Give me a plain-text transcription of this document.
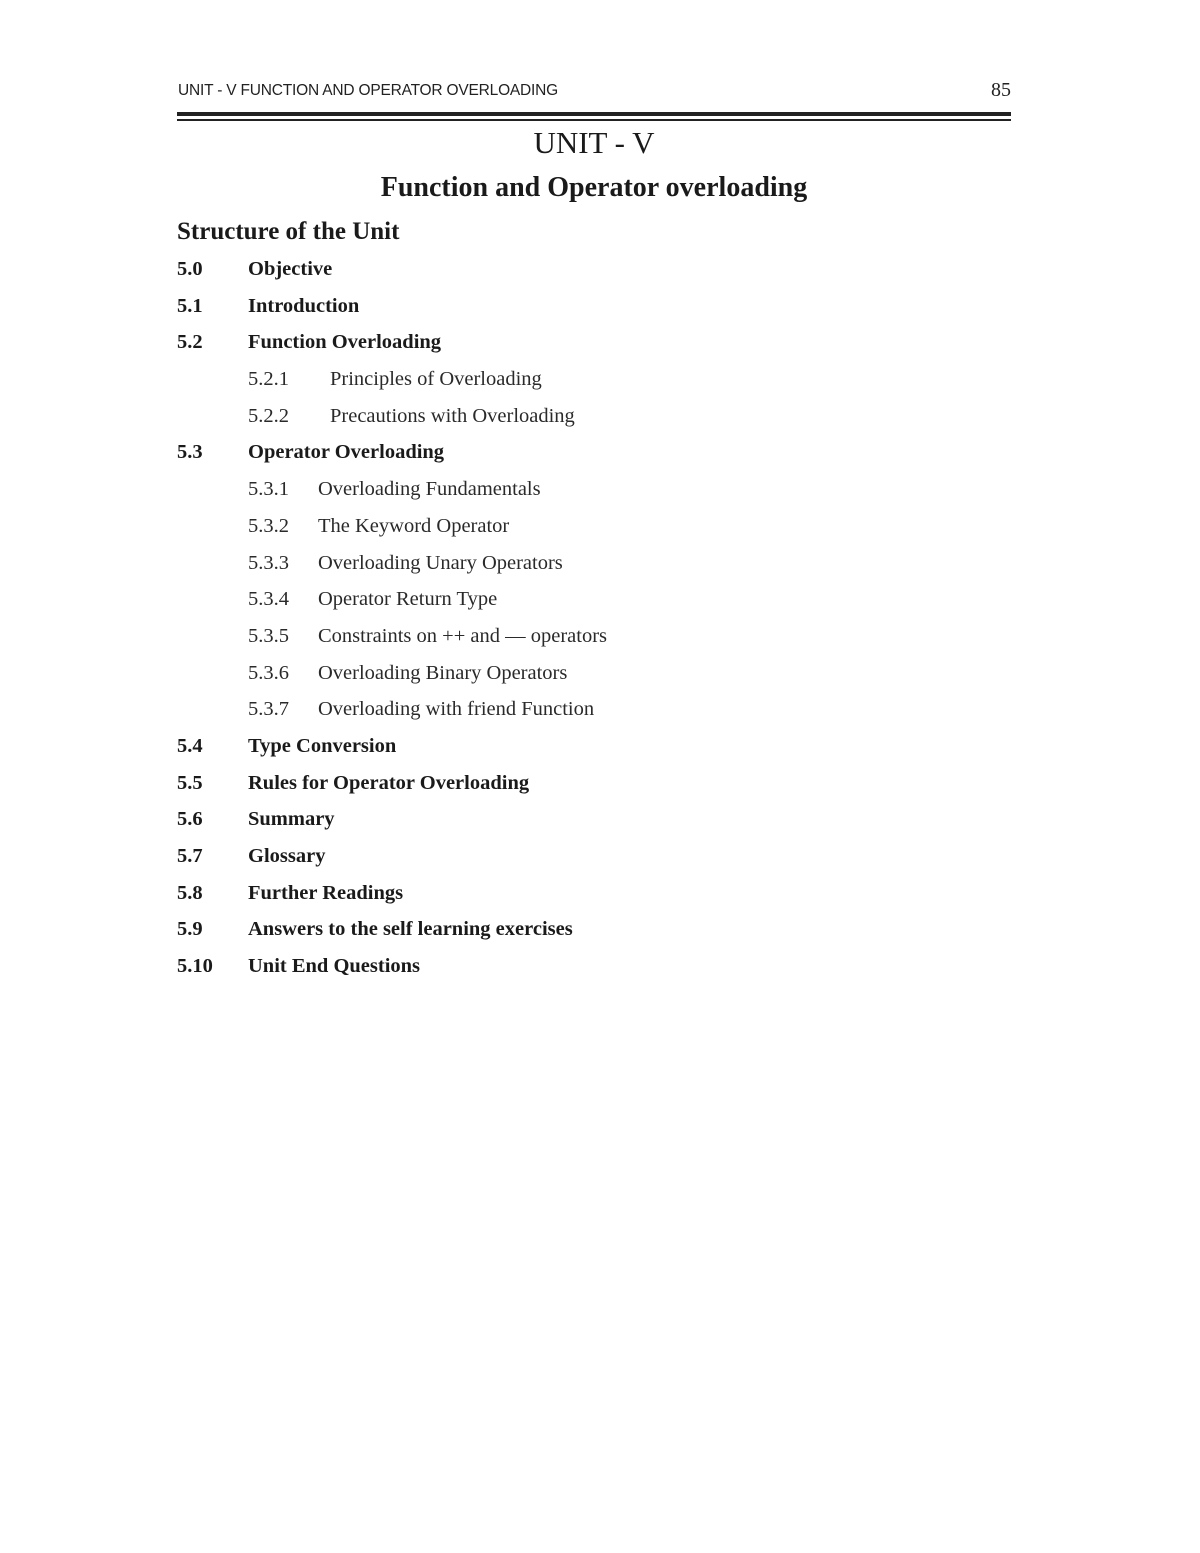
UNIT - V FUNCTION AND OPERATOR OVERLOADING	85
UNIT - V
Function and Operator overloading
Structure of the Unit
5.0 Objective
5.1 Introduction
5.2 Function Overloading
5.2.1 Principles of Overloading
5.2.2 Precautions with Overloading
5.3 Operator Overloading
5.3.1 Overloading Fundamentals
5.3.2 The Keyword Operator
5.3.3 Overloading Unary Operators
5.3.4 Operator Return Type
5.3.5 Constraints on ++ and — operators
5.3.6 Overloading Binary Operators
5.3.7 Overloading with friend Function
5.4 Type Conversion
5.5 Rules for Operator Overloading
5.6 Summary
5.7 Glossary
5.8 Further Readings
5.9 Answers to the self learning exercises
5.10 Unit End Questions
